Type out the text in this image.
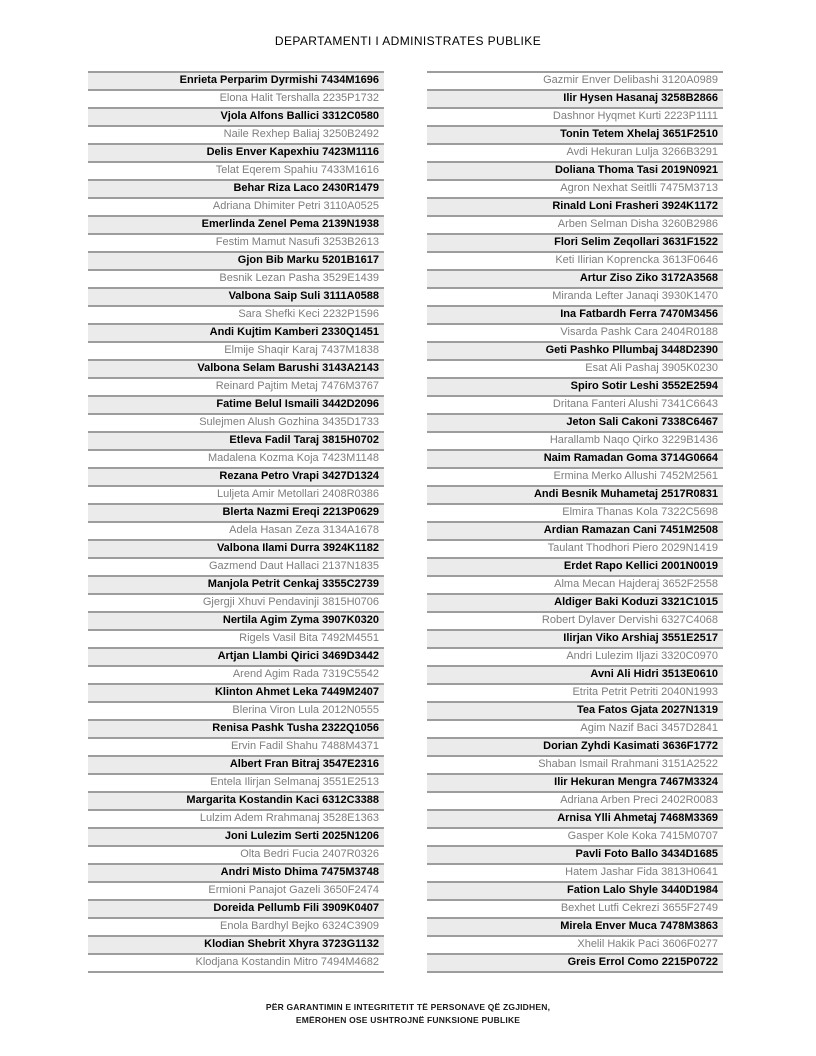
DEPARTAMENTI I ADMINISTRATES PUBLIKE
Enrieta Perparim Dyrmishi 7434M1696
Elona Halit Tershalla 2235P1732
Vjola Alfons Ballici 3312C0580
Naile Rexhep Baliaj 3250B2492
Delis Enver Kapexhiu 7423M1116
Telat Eqerem Spahiu 7433M1616
Behar Riza Laco 2430R1479
Adriana Dhimiter Petri 3110A0525
Emerlinda Zenel Pema 2139N1938
Festim Mamut Nasufi 3253B2613
Gjon Bib Marku 5201B1617
Besnik Lezan Pasha 3529E1439
Valbona Saip Suli 3111A0588
Sara Shefki Keci 2232P1596
Andi Kujtim Kamberi 2330Q1451
Elmije Shaqir Karaj 7437M1838
Valbona Selam Barushi 3143A2143
Reinard Pajtim Metaj 7476M3767
Fatime Belul Ismaili 3442D2096
Sulejmen Alush Gozhina 3435D1733
Etleva Fadil Taraj 3815H0702
Madalena Kozma Koja 7423M1148
Rezana Petro Vrapi 3427D1324
Luljeta Amir Metollari 2408R0386
Blerta Nazmi Ereqi 2213P0629
Adela Hasan Zeza 3134A1678
Valbona Ilami Durra 3924K1182
Gazmend Daut Hallaci 2137N1835
Manjola Petrit Cenkaj 3355C2739
Gjergji Xhuvi Pendavinji 3815H0706
Nertila Agim Zyma 3907K0320
Rigels Vasil Bita 7492M4551
Artjan Llambi Qirici 3469D3442
Arend Agim Rada 7319C5542
Klinton Ahmet Leka 7449M2407
Blerina Viron Lula 2012N0555
Renisa Pashk Tusha 2322Q1056
Ervin Fadil Shahu 7488M4371
Albert Fran Bitraj 3547E2316
Entela Ilirjan Selmanaj 3551E2513
Margarita Kostandin Kaci 6312C3388
Lulzim Adem Rrahmanaj 3528E1363
Joni Lulezim Serti 2025N1206
Olta Bedri Fucia 2407R0326
Andri Misto Dhima 7475M3748
Ermioni Panajot Gazeli 3650F2474
Doreida Pellumb Fili 3909K0407
Enola Bardhyl Bejko 6324C3909
Klodian Shebrit Xhyra 3723G1132
Klodjana Kostandin Mitro 7494M4682
Gazmir Enver Delibashi 3120A0989
Ilir Hysen Hasanaj 3258B2866
Dashnor Hyqmet Kurti 2223P1111
Tonin Tetem Xhelaj 3651F2510
Avdi Hekuran Lulja 3266B3291
Doliana Thoma Tasi 2019N0921
Agron Nexhat Seitlli 7475M3713
Rinald Loni Frasheri 3924K1172
Arben Selman Disha 3260B2986
Flori Selim Zeqollari 3631F1522
Keti Ilirian Koprencka 3613F0646
Artur Ziso Ziko 3172A3568
Miranda Lefter Janaqi 3930K1470
Ina Fatbardh Ferra 7470M3456
Visarda Pashk Cara 2404R0188
Geti Pashko Pllumbaj 3448D2390
Esat Ali Pashaj 3905K0230
Spiro Sotir Leshi 3552E2594
Dritana Fanteri Alushi 7341C6643
Jeton Sali Cakoni 7338C6467
Harallamb Naqo Qirko 3229B1436
Naim Ramadan Goma 3714G0664
Ermina Merko Allushi 7452M2561
Andi Besnik Muhametaj 2517R0831
Elmira Thanas Kola 7322C5698
Ardian Ramazan Cani 7451M2508
Taulant Thodhori Piero 2029N1419
Erdet Rapo Kellici 2001N0019
Alma Mecan Hajderaj 3652F2558
Aldiger Baki Koduzi 3321C1015
Robert Dylaver Dervishi 6327C4068
Ilirjan Viko Arshiaj 3551E2517
Andri Lulezim Iljazi 3320C0970
Avni Ali Hidri 3513E0610
Etrita Petrit Petriti 2040N1993
Tea Fatos Gjata 2027N1319
Agim Nazif Baci 3457D2841
Dorian Zyhdi Kasimati 3636F1772
Shaban Ismail Rrahmani 3151A2522
Ilir Hekuran Mengra 7467M3324
Adriana Arben Preci 2402R0083
Arnisa Ylli Ahmetaj 7468M3369
Gasper Kole Koka 7415M0707
Pavli Foto Ballo 3434D1685
Hatem Jashar Fida 3813H0641
Fation Lalo Shyle 3440D1984
Bexhet Lutfi Cekrezi 3655F2749
Mirela Enver Muca 7478M3863
Xhelil Hakik Paci 3606F0277
Greis Errol Como 2215P0722
PËR GARANTIMIN E INTEGRITETIT TË PERSONAVE QË ZGJIDHEN,
EMËROHEN OSE USHTROJNË FUNKSIONE PUBLIKE
